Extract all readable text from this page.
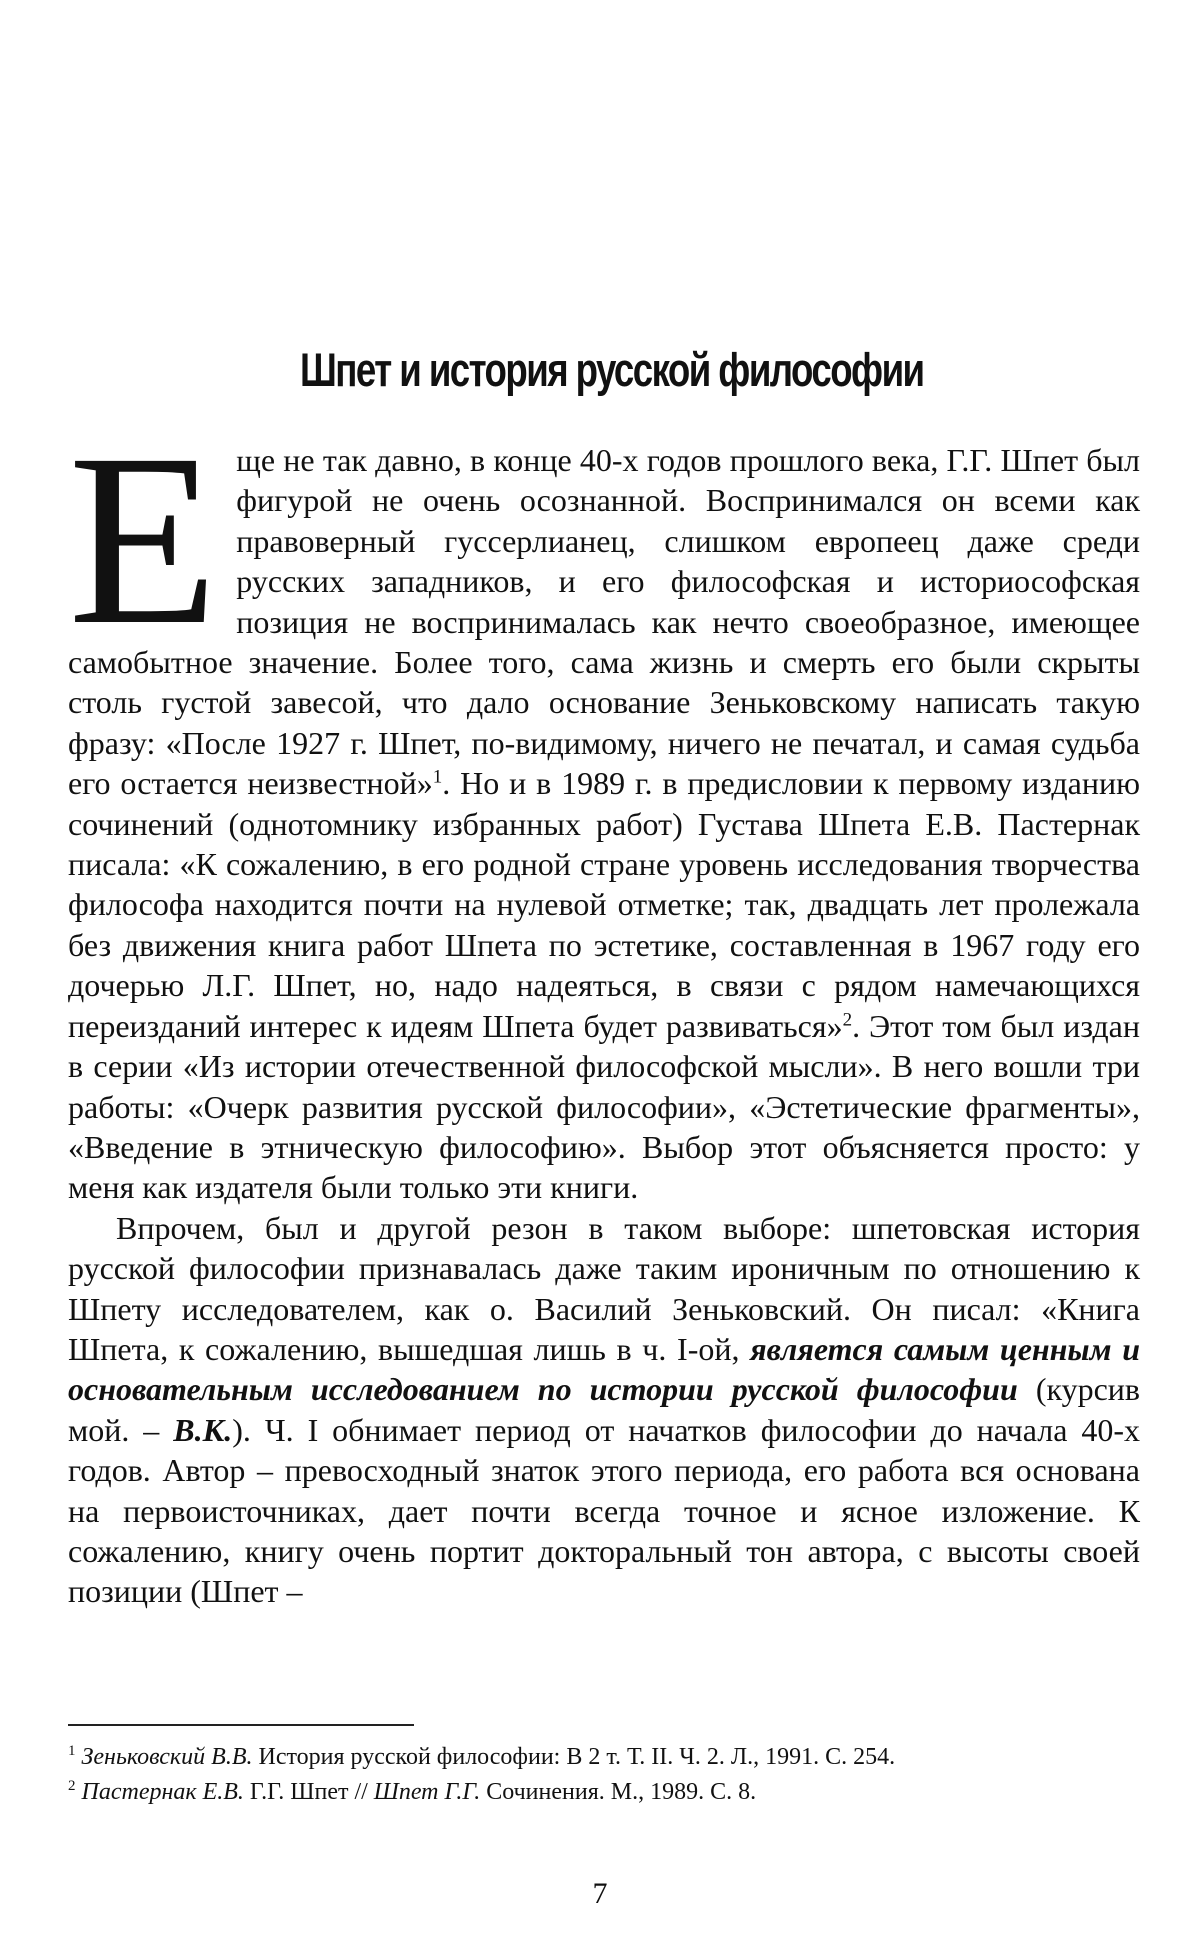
Шпет и история русской философии

Еще не так давно, в конце 40-х годов прошлого века, Г.Г. Шпет был фигурой не очень осознанной. Воспринимался он всеми как правоверный гуссерлианец, слишком европеец даже среди русских западников, и его философская и историософская позиция не воспринималась как нечто своеобразное, имеющее самобытное значение. Более того, сама жизнь и смерть его были скрыты столь густой завесой, что дало основание Зеньковскому написать такую фразу: «После 1927 г. Шпет, по-видимому, ничего не печатал, и самая судьба его остается неизвестной»$^1$. Но и в 1989 г. в предисловии к первому изданию сочинений (однотомнику избранных работ) Густава Шпета Е.В. Пастернак писала: «К сожалению, в его родной стране уровень исследования творчества философа находится почти на нулевой отметке; так, двадцать лет пролежала без движения книга работ Шпета по эстетике, составленная в 1967 году его дочерью Л.Г. Шпет, но, надо надеяться, в связи с рядом намечающихся переизданий интерес к идеям Шпета будет развиваться»$^2$. Этот том был издан в серии «Из истории отечественной философской мысли». В него вошли три работы: «Очерк развития русской философии», «Эстетические фрагменты», «Введение в этническую философию». Выбор этот объясняется просто: у меня как издателя были только эти книги.

Впрочем, был и другой резон в таком выборе: шпетовская история русской философии признавалась даже таким ироничным по отношению к Шпету исследователем, как о. Василий Зеньковский. Он писал: «Книга Шпета, к сожалению, вышедшая лишь в ч. I-ой, является самым ценным и основательным исследованием по истории русской философии (курсив мой. – В.К.). Ч. I обнимает период от начатков философии до начала 40-х годов. Автор – превосходный знаток этого периода, его работа вся основана на первоисточниках, дает почти всегда точное и ясное изложение. К сожалению, книгу очень портит докторальный тон автора, с высоты своей позиции (Шпет –

$^1$ Зеньковский В.В. История русской философии: В 2 т. Т. II. Ч. 2. Л., 1991. С. 254.

$^2$ Пастернак Е.В. Г.Г. Шпет // Шпет Г.Г. Сочинения. М., 1989. С. 8.

7
